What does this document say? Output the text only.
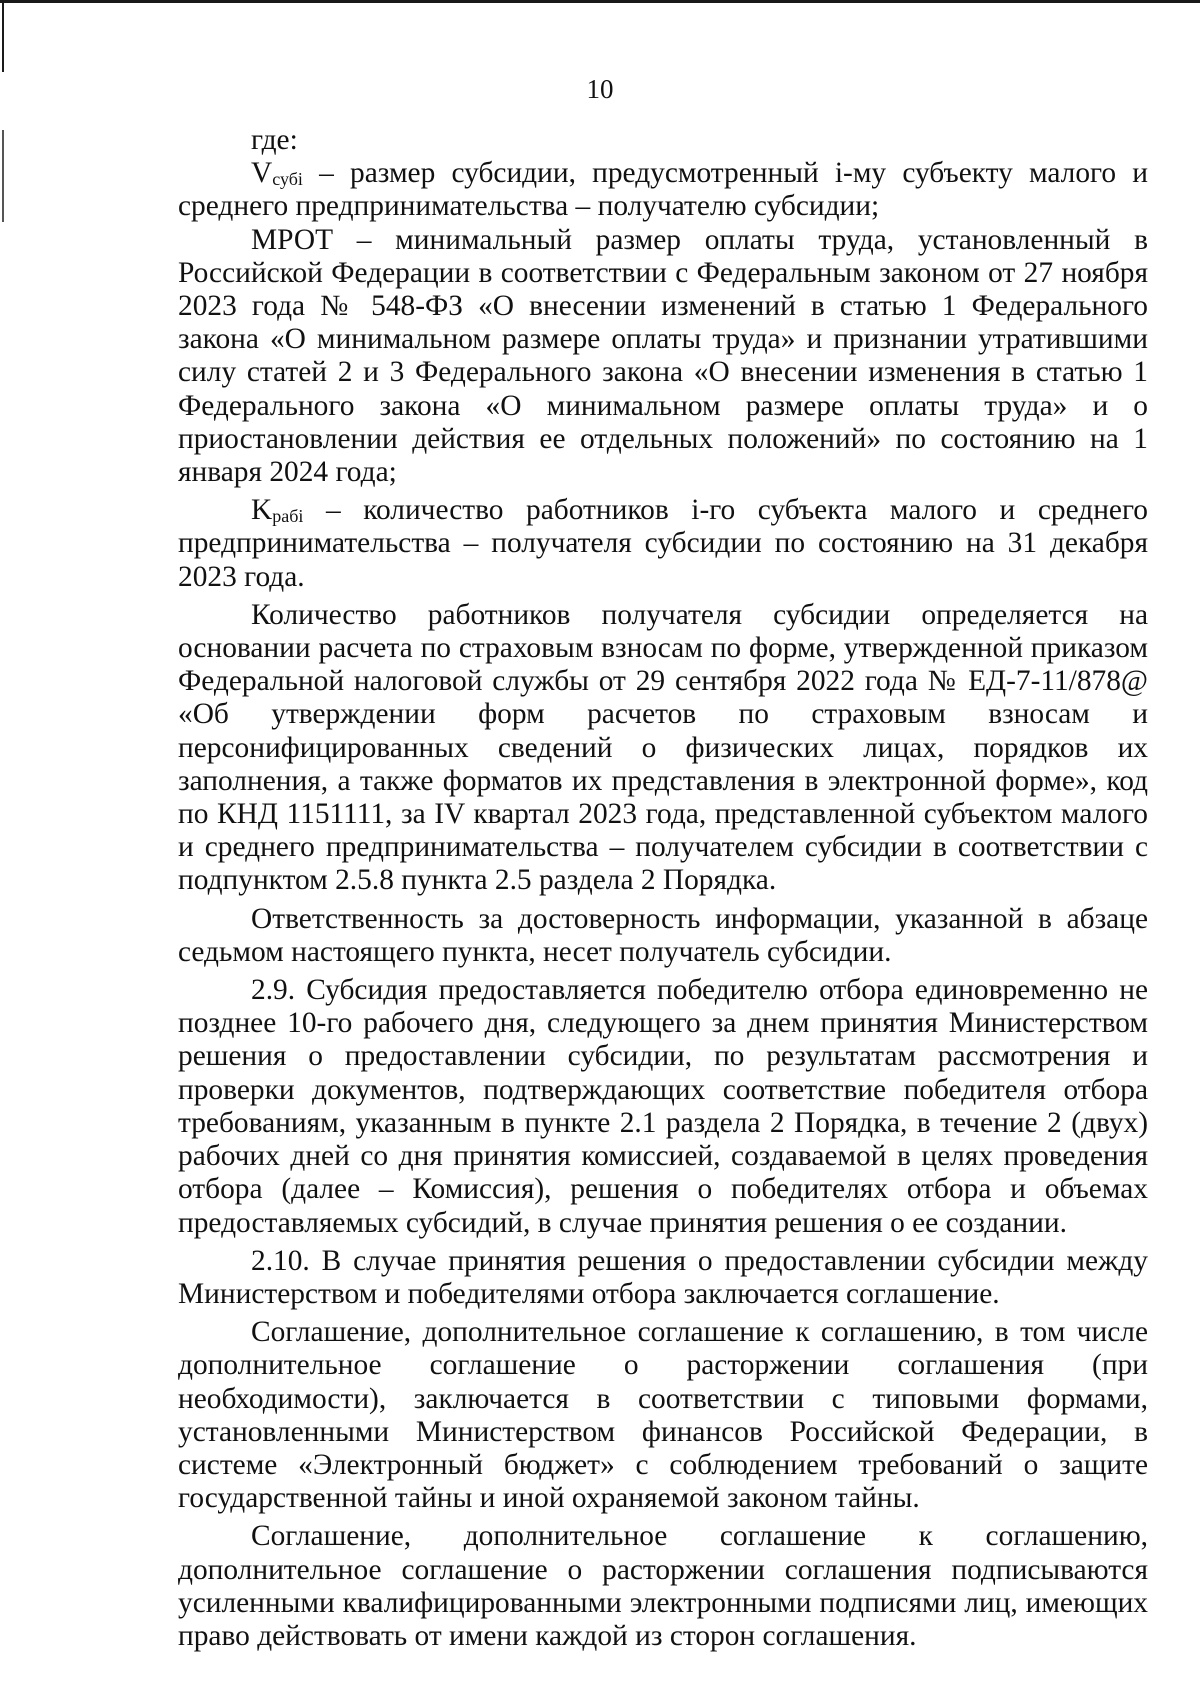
10

где:

$V_{субi}$ – размер субсидии, предусмотренный i-му субъекту малого и среднего предпринимательства – получателю субсидии;

МРОТ – минимальный размер оплаты труда, установленный в Российской Федерации в соответствии с Федеральным законом от 27 ноября 2023 года № 548-ФЗ «О внесении изменений в статью 1 Федерального закона «О минимальном размере оплаты труда» и признании утратившими силу статей 2 и 3 Федерального закона «О внесении изменения в статью 1 Федерального закона «О минимальном размере оплаты труда» и о приостановлении действия ее отдельных положений» по состоянию на 1 января 2024 года;

$K_{рабi}$ – количество работников i-го субъекта малого и среднего предпринимательства – получателя субсидии по состоянию на 31 декабря 2023 года.

Количество работников получателя субсидии определяется на основании расчета по страховым взносам по форме, утвержденной приказом Федеральной налоговой службы от 29 сентября 2022 года № ЕД-7-11/878@ «Об утверждении форм расчетов по страховым взносам и персонифицированных сведений о физических лицах, порядков их заполнения, а также форматов их представления в электронной форме», код по КНД 1151111, за IV квартал 2023 года, представленной субъектом малого и среднего предпринимательства – получателем субсидии в соответствии с подпунктом 2.5.8 пункта 2.5 раздела 2 Порядка.

Ответственность за достоверность информации, указанной в абзаце седьмом настоящего пункта, несет получатель субсидии.

2.9. Субсидия предоставляется победителю отбора единовременно не позднее 10-го рабочего дня, следующего за днем принятия Министерством решения о предоставлении субсидии, по результатам рассмотрения и проверки документов, подтверждающих соответствие победителя отбора требованиям, указанным в пункте 2.1 раздела 2 Порядка, в течение 2 (двух) рабочих дней со дня принятия комиссией, создаваемой в целях проведения отбора (далее – Комиссия), решения о победителях отбора и объемах предоставляемых субсидий, в случае принятия решения о ее создании.

2.10. В случае принятия решения о предоставлении субсидии между Министерством и победителями отбора заключается соглашение.

Соглашение, дополнительное соглашение к соглашению, в том числе дополнительное соглашение о расторжении соглашения (при необходимости), заключается в соответствии с типовыми формами, установленными Министерством финансов Российской Федерации, в системе «Электронный бюджет» с соблюдением требований о защите государственной тайны и иной охраняемой законом тайны.

Соглашение, дополнительное соглашение к соглашению, дополнительное соглашение о расторжении соглашения подписываются усиленными квалифицированными электронными подписями лиц, имеющих право действовать от имени каждой из сторон соглашения.
